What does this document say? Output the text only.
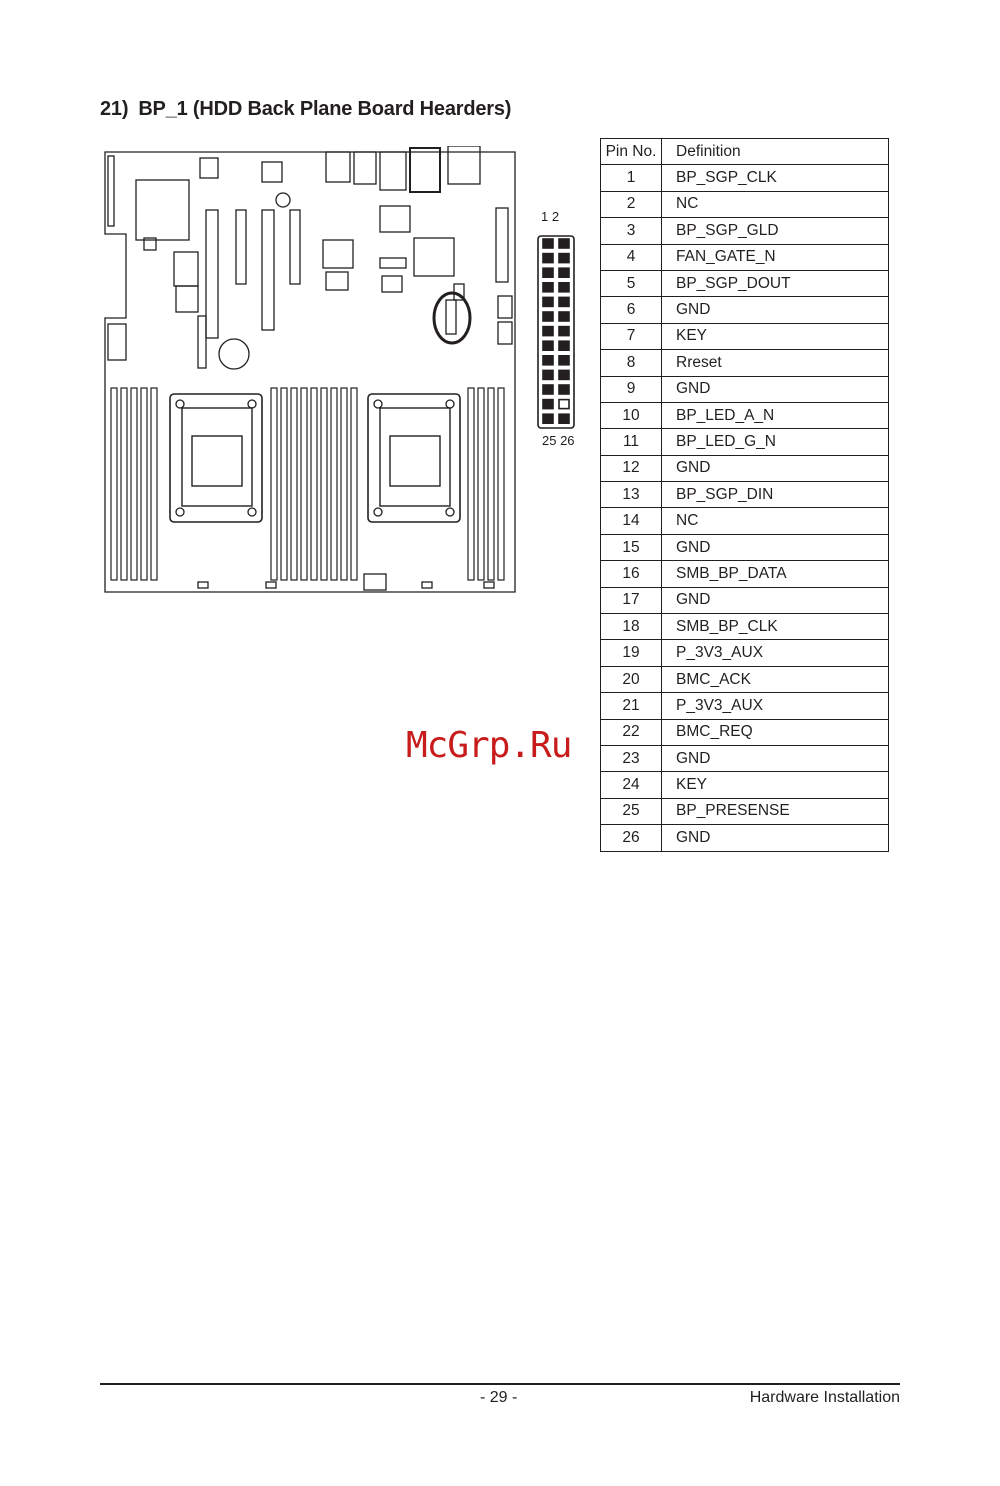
21) BP_1 (HDD Back Plane Board Hearders)
1 2
25 26
Pin No.	Definition
1	BP_SGP_CLK
2	NC
3	BP_SGP_GLD
4	FAN_GATE_N
5	BP_SGP_DOUT
6	GND
7	KEY
8	Rreset
9	GND
10	BP_LED_A_N
11	BP_LED_G_N
12	GND
13	BP_SGP_DIN
14	NC
15	GND
16	SMB_BP_DATA
17	GND
18	SMB_BP_CLK
19	P_3V3_AUX
20	BMC_ACK
21	P_3V3_AUX
22	BMC_REQ
23	GND
24	KEY
25	BP_PRESENSE
26	GND
McGrp.Ru
- 29 -	Hardware Installation
